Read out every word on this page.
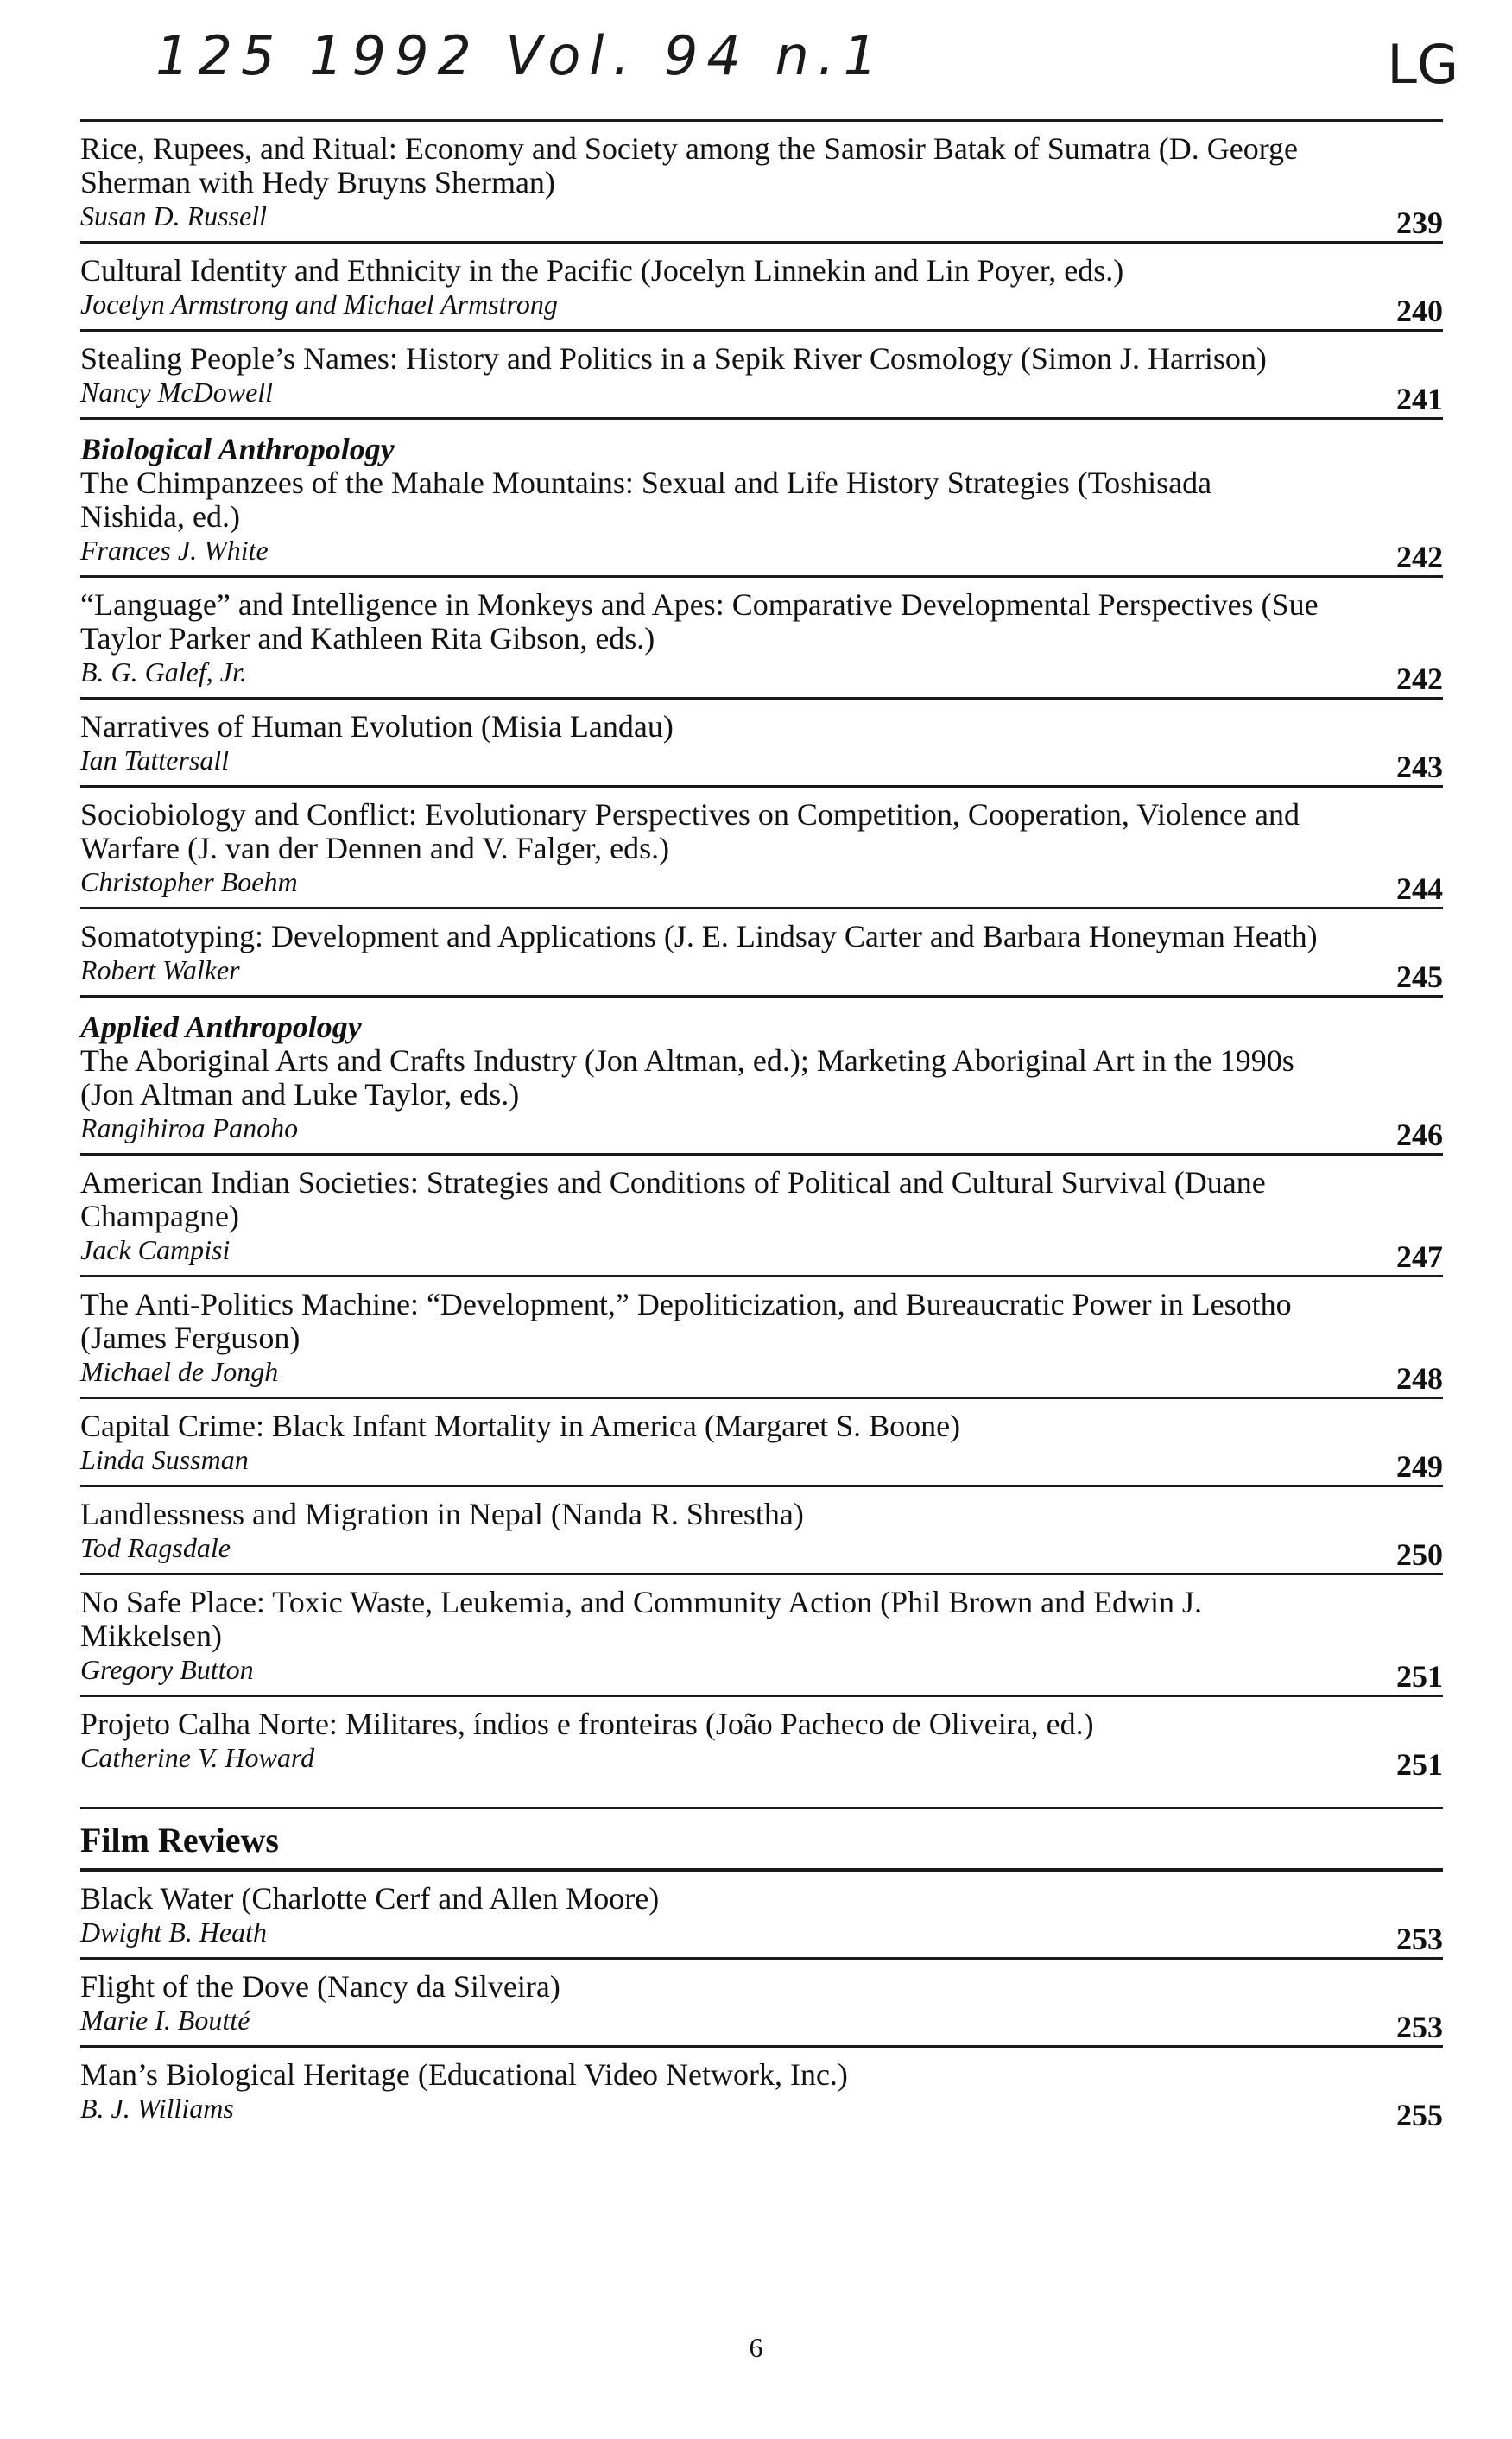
125 1992 Vol. 94 n.1	LG
Rice, Rupees, and Ritual: Economy and Society among the Samosir Batak of Sumatra (D. George Sherman with Hedy Bruyns Sherman)
Susan D. Russell	239
Cultural Identity and Ethnicity in the Pacific (Jocelyn Linnekin and Lin Poyer, eds.)
Jocelyn Armstrong and Michael Armstrong	240
Stealing People’s Names: History and Politics in a Sepik River Cosmology (Simon J. Harrison)
Nancy McDowell	241
Biological Anthropology
The Chimpanzees of the Mahale Mountains: Sexual and Life History Strategies (Toshisada Nishida, ed.)
Frances J. White	242
“Language” and Intelligence in Monkeys and Apes: Comparative Developmental Perspectives (Sue Taylor Parker and Kathleen Rita Gibson, eds.)
B. G. Galef, Jr.	242
Narratives of Human Evolution (Misia Landau)
Ian Tattersall	243
Sociobiology and Conflict: Evolutionary Perspectives on Competition, Cooperation, Violence and Warfare (J. van der Dennen and V. Falger, eds.)
Christopher Boehm	244
Somatotyping: Development and Applications (J. E. Lindsay Carter and Barbara Honeyman Heath)
Robert Walker	245
Applied Anthropology
The Aboriginal Arts and Crafts Industry (Jon Altman, ed.); Marketing Aboriginal Art in the 1990s (Jon Altman and Luke Taylor, eds.)
Rangihiroa Panoho	246
American Indian Societies: Strategies and Conditions of Political and Cultural Survival (Duane Champagne)
Jack Campisi	247
The Anti-Politics Machine: “Development,” Depoliticization, and Bureaucratic Power in Lesotho (James Ferguson)
Michael de Jongh	248
Capital Crime: Black Infant Mortality in America (Margaret S. Boone)
Linda Sussman	249
Landlessness and Migration in Nepal (Nanda R. Shrestha)
Tod Ragsdale	250
No Safe Place: Toxic Waste, Leukemia, and Community Action (Phil Brown and Edwin J. Mikkelsen)
Gregory Button	251
Projeto Calha Norte: Militares, índios e fronteiras (João Pacheco de Oliveira, ed.)
Catherine V. Howard	251
Film Reviews
Black Water (Charlotte Cerf and Allen Moore)
Dwight B. Heath	253
Flight of the Dove (Nancy da Silveira)
Marie I. Boutté	253
Man’s Biological Heritage (Educational Video Network, Inc.)
B. J. Williams	255
6
